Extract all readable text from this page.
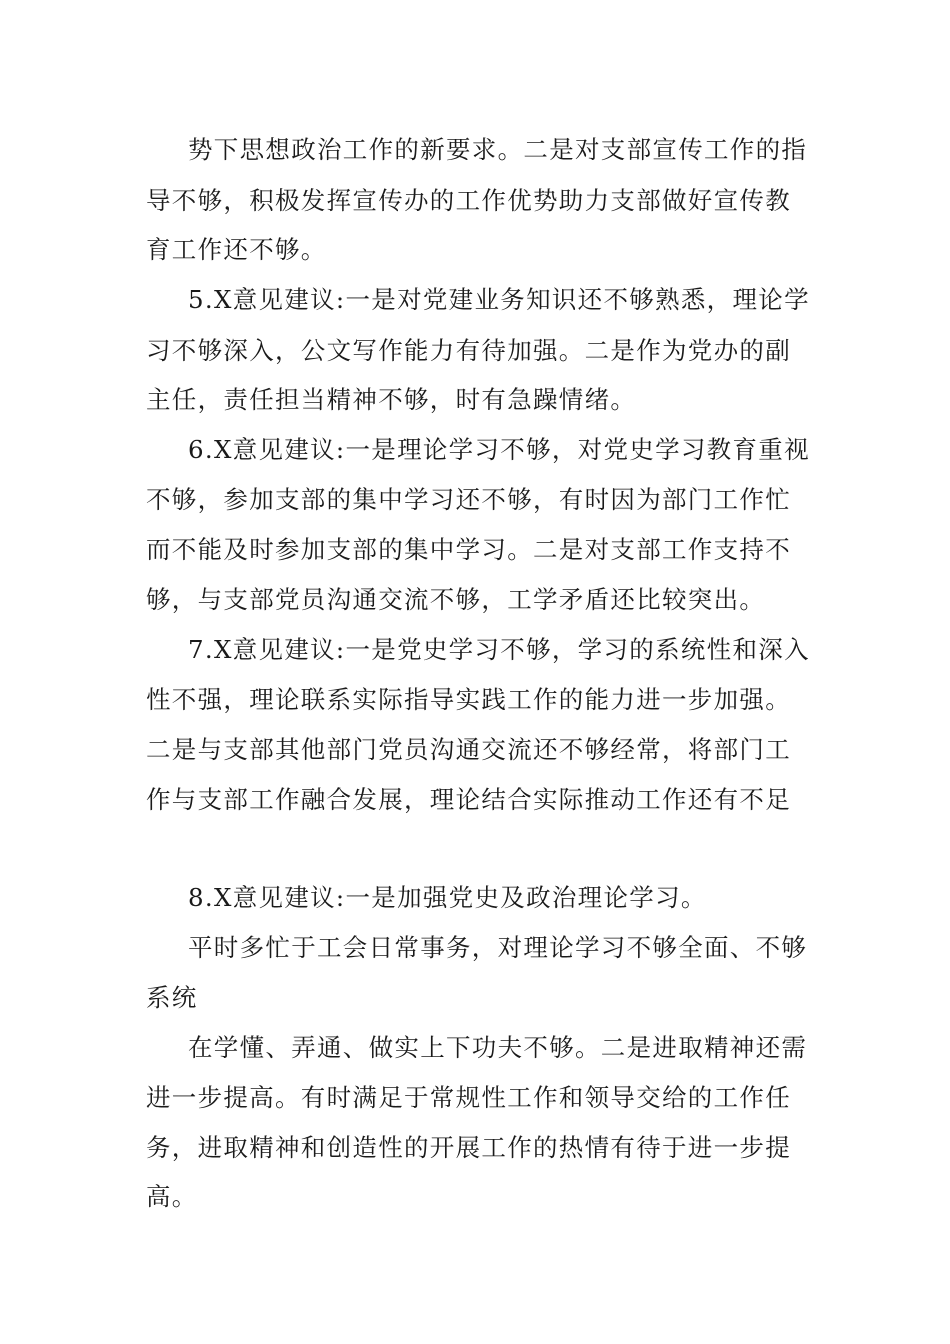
势下思想政治工作的新要求。二是对支部宣传工作的指

导不够，积极发挥宣传办的工作优势助力支部做好宣传教

育工作还不够。

5.X意见建议:一是对党建业务知识还不够熟悉，理论学

习不够深入，公文写作能力有待加强。二是作为党办的副

主任，责任担当精神不够，时有急躁情绪。

6.X意见建议:一是理论学习不够，对党史学习教育重视

不够，参加支部的集中学习还不够，有时因为部门工作忙

而不能及时参加支部的集中学习。二是对支部工作支持不

够，与支部党员沟通交流不够，工学矛盾还比较突出。

7.X意见建议:一是党史学习不够，学习的系统性和深入

性不强，理论联系实际指导实践工作的能力进一步加强。

二是与支部其他部门党员沟通交流还不够经常，将部门工

作与支部工作融合发展，理论结合实际推动工作还有不足

8.X意见建议:一是加强党史及政治理论学习。

平时多忙于工会日常事务，对理论学习不够全面、不够

系统

在学懂、弄通、做实上下功夫不够。二是进取精神还需

进一步提高。有时满足于常规性工作和领导交给的工作任

务，进取精神和创造性的开展工作的热情有待于进一步提

高。
